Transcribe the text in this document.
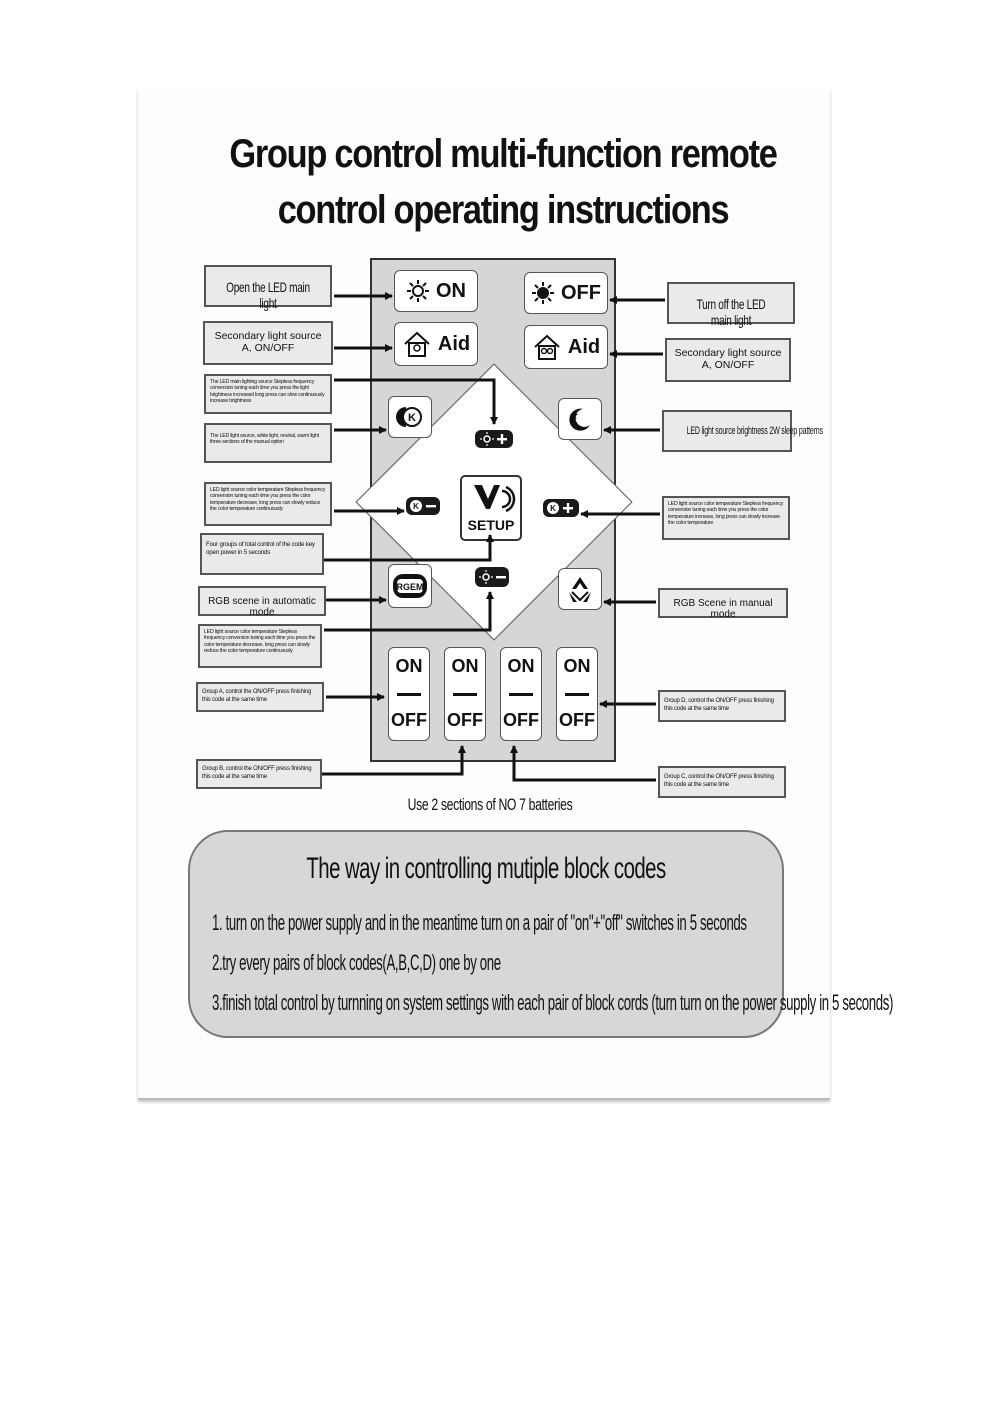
Group control multi-function remote
control operating instructions
ON	OFF
Aid	Aid
K
K	K
SETUP
RGEM
ON
OFF
ON
OFF
ON
OFF
ON
OFF
Open the LED main light
Secondary light source A, ON/OFF
The LED main lighting source Stepless frequency conversion tuning each time you press the light brightness increased long press can slow continuously increase brightness
The LED light source, white light, neutral, warm light three sections of the manual option
LED light source color temperature Stepless frequency conversion tuning each time you press the color temperature decrease, long press can slowly reduce the color temperature continuously
Four groups of total control of the code key open power in 5 seconds
RGB scene in automatic mode
LED light source color temperature Stepless frequency conversion tuning each time you press the color temperature decrease, long press can slowly reduce the color temperature continuously
Group A, control the ON/OFF press finishing this code at the same time
Group B, control the ON/OFF press finishing this code at the same time
Turn off the LED main light
Secondary light source A, ON/OFF
LED light source brightness 2W sleep patterns
LED light source color temperature Stepless frequency conversion tuning each time you press the color temperature increase, long press can slowly increase the color temperature
RGB Scene in manual mode
Group D, control the ON/OFF press finishing this code at the same time
Group C, control the ON/OFF press finishing this code at the same time
Use 2 sections of NO 7 batteries
The way in controlling mutiple block codes
1. turn on the power supply and in the meantime turn on a pair of "on"+"off" switches in 5 seconds
2.try every pairs of block codes(A,B,C,D) one by one
3.finish total control by turnning on system settings with each pair of block cords (turn turn on the power supply in 5 seconds)
